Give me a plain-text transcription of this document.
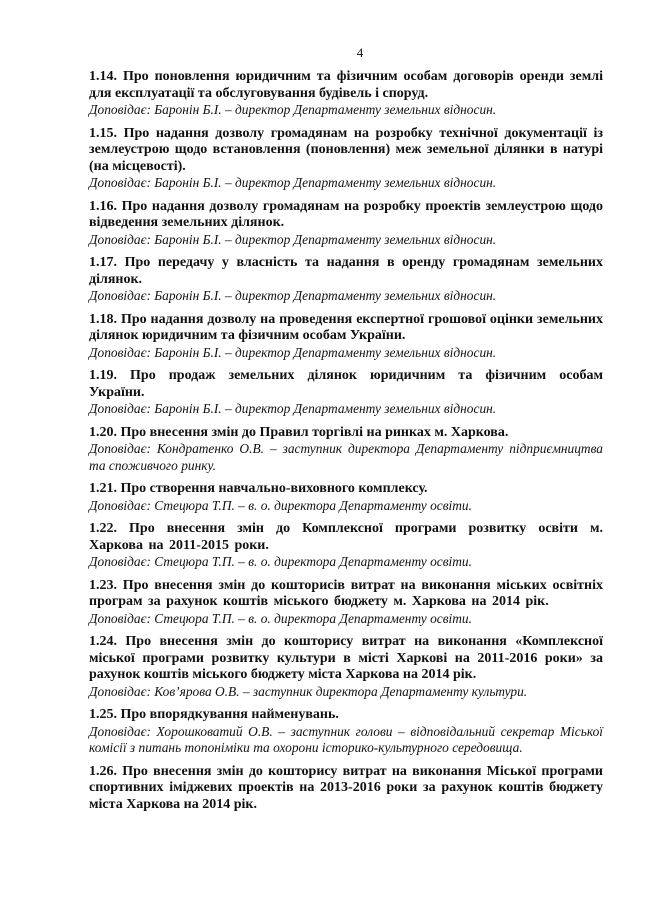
4
1.14. Про поновлення юридичним та фізичним особам договорів оренди землі для експлуатації та обслуговування будівель і споруд.
Доповідає: Баронін Б.І. – директор Департаменту земельних відносин.
1.15. Про надання дозволу громадянам на розробку технічної документації із землеустрою щодо встановлення (поновлення) меж земельної ділянки в натурі (на місцевості).
Доповідає: Баронін Б.І. – директор Департаменту земельних відносин.
1.16. Про надання дозволу громадянам на розробку проектів землеустрою щодо відведення земельних ділянок.
Доповідає: Баронін Б.І. – директор Департаменту земельних відносин.
1.17. Про передачу у власність та надання в оренду громадянам земельних ділянок.
Доповідає: Баронін Б.І. – директор Департаменту земельних відносин.
1.18. Про надання дозволу на проведення експертної грошової оцінки земельних ділянок юридичним та фізичним особам України.
Доповідає: Баронін Б.І. – директор Департаменту земельних відносин.
1.19. Про продаж земельних ділянок юридичним та фізичним особам України.
Доповідає: Баронін Б.І. – директор Департаменту земельних відносин.
1.20. Про внесення змін до Правил торгівлі на ринках м. Харкова.
Доповідає: Кондратенко О.В. – заступник директора Департаменту підприємництва та споживчого ринку.
1.21. Про створення навчально-виховного комплексу.
Доповідає: Стецюра Т.П. – в. о. директора Департаменту освіти.
1.22. Про внесення змін до Комплексної програми розвитку освіти м. Харкова на 2011-2015 роки.
Доповідає: Стецюра Т.П. – в. о. директора Департаменту освіти.
1.23. Про внесення змін до кошторисів витрат на виконання міських освітніх програм за рахунок коштів міського бюджету м. Харкова на 2014 рік.
Доповідає: Стецюра Т.П. – в. о. директора Департаменту освіти.
1.24. Про внесення змін до кошторису витрат на виконання «Комплексної міської програми розвитку культури в місті Харкові на 2011-2016 роки» за рахунок коштів міського бюджету міста Харкова на 2014 рік.
Доповідає: Ков’ярова О.В. – заступник директора Департаменту культури.
1.25. Про впорядкування найменувань.
Доповідає: Хорошковатий О.В. – заступник голови – відповідальний секретар Міської комісії з питань топоніміки та охорони історико-культурного середовища.
1.26. Про внесення змін до кошторису витрат на виконання Міської програми спортивних іміджевих проектів на 2013-2016 роки за рахунок коштів бюджету міста Харкова на 2014 рік.
